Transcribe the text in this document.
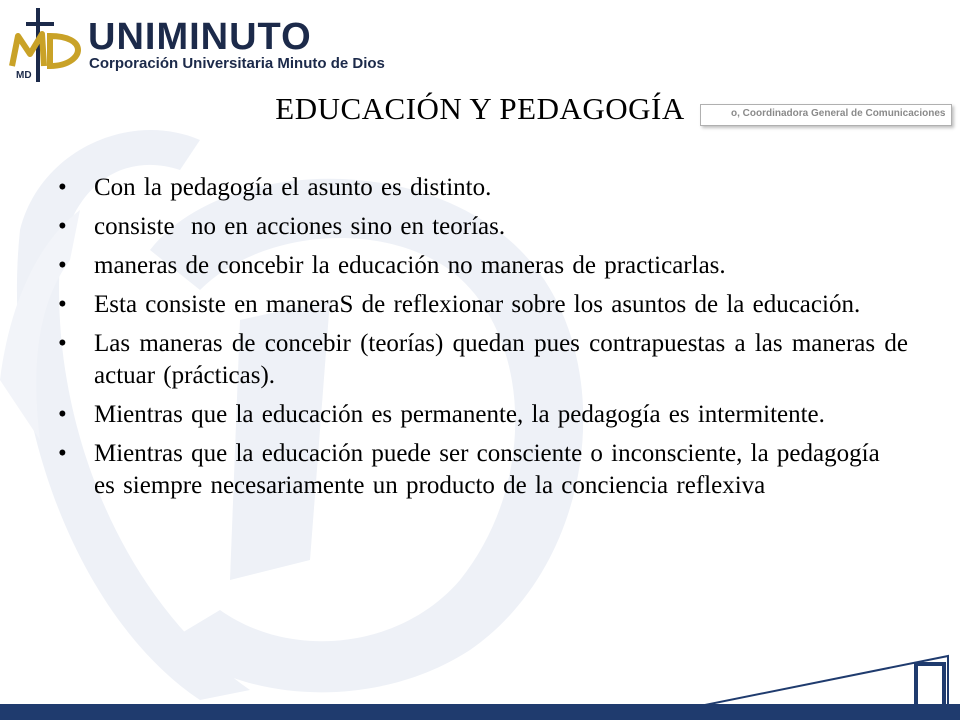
MD
UNIMINUTO
Corporación Universitaria Minuto de Dios
o, Coordinadora General de Comunicaciones
EDUCACIÓN Y PEDAGOGÍA
• Con la pedagogía el asunto es distinto.
• consiste  no en acciones sino en teorías.
• maneras de concebir la educación no maneras de practicarlas.
• Esta consiste en maneraS de reflexionar sobre los asuntos de la educación.
• Las maneras de concebir (teorías) quedan pues contrapuestas a las maneras de actuar (prácticas).
• Mientras que la educación es permanente, la pedagogía es intermitente.
• Mientras que la educación puede ser consciente o inconsciente, la pedagogía es siempre necesariamente un producto de la conciencia reflexiva
